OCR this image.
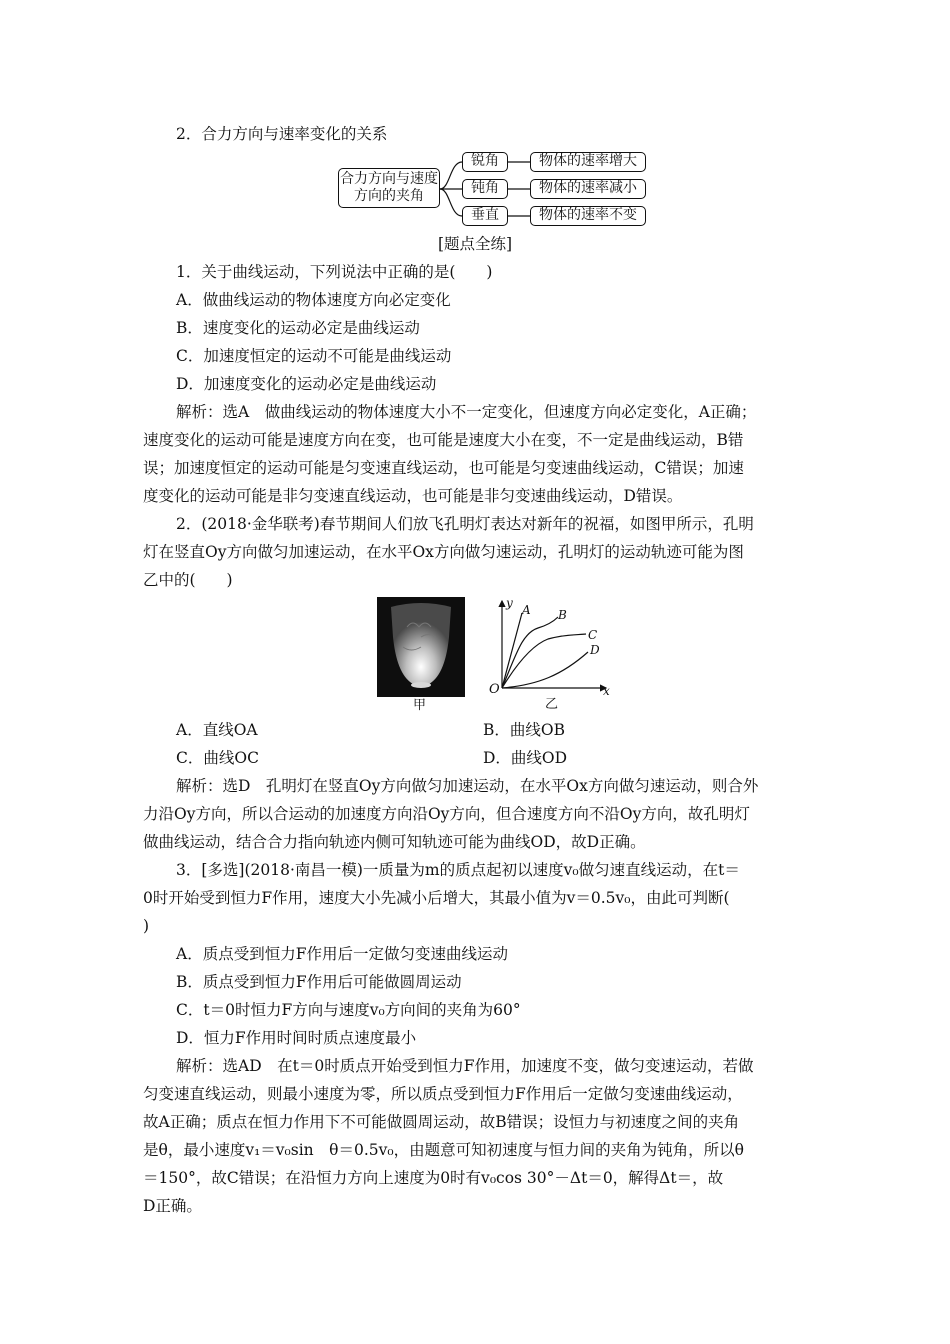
2．合力方向与速率变化的关系
合力方向与速度
方向的夹角
锐角
钝角
垂直
物体的速率增大
物体的速率减小
物体的速率不变
[题点全练]
1．关于曲线运动，下列说法中正确的是(　　)
A．做曲线运动的物体速度方向必定变化
B．速度变化的运动必定是曲线运动
C．加速度恒定的运动不可能是曲线运动
D．加速度变化的运动必定是曲线运动
解析：选A　做曲线运动的物体速度大小不一定变化，但速度方向必定变化，A正确；
速度变化的运动可能是速度方向在变，也可能是速度大小在变，不一定是曲线运动，B错
误；加速度恒定的运动可能是匀变速直线运动，也可能是匀变速曲线运动，C错误；加速
度变化的运动可能是非匀变速直线运动，也可能是非匀变速曲线运动，D错误。
2．(2018·金华联考)春节期间人们放飞孔明灯表达对新年的祝福，如图甲所示，孔明
灯在竖直Oy方向做匀加速运动，在水平Ox方向做匀速运动，孔明灯的运动轨迹可能为图
乙中的(　　)
甲
y
x
O
A B
C
D
乙
A．直线OA	B．曲线OB
C．曲线OC	D．曲线OD
解析：选D　孔明灯在竖直Oy方向做匀加速运动，在水平Ox方向做匀速运动，则合外
力沿Oy方向，所以合运动的加速度方向沿Oy方向，但合速度方向不沿Oy方向，故孔明灯
做曲线运动，结合合力指向轨迹内侧可知轨迹可能为曲线OD，故D正确。
3．[多选](2018·南昌一模)一质量为m的质点起初以速度v₀做匀速直线运动，在t＝
0时开始受到恒力F作用，速度大小先减小后增大，其最小值为v＝0.5v₀，由此可判断(
)
A．质点受到恒力F作用后一定做匀变速曲线运动
B．质点受到恒力F作用后可能做圆周运动
C．t＝0时恒力F方向与速度v₀方向间的夹角为60°
D．恒力F作用时间时质点速度最小
解析：选AD　在t＝0时质点开始受到恒力F作用，加速度不变，做匀变速运动，若做
匀变速直线运动，则最小速度为零，所以质点受到恒力F作用后一定做匀变速曲线运动，
故A正确；质点在恒力作用下不可能做圆周运动，故B错误；设恒力与初速度之间的夹角
是θ，最小速度v₁＝v₀sin　θ＝0.5v₀，由题意可知初速度与恒力间的夹角为钝角，所以θ
＝150°，故C错误；在沿恒力方向上速度为0时有v₀cos 30°－Δt＝0，解得Δt＝，故
D正确。
